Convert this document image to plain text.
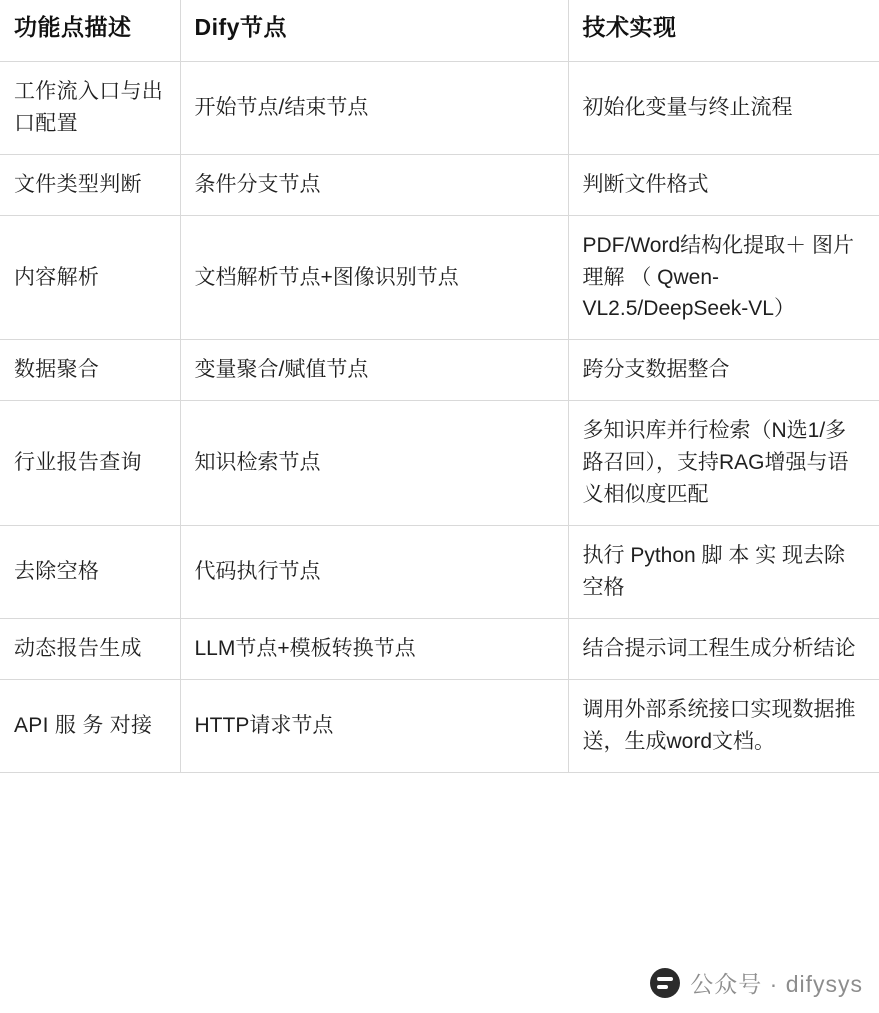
功能点描述	Dify节点	技术实现
工作流入口与出口配置	开始节点/结束节点	初始化变量与终止流程
文件类型判断	条件分支节点	判断文件格式
内容解析	文档解析节点+图像识别节点	PDF/Word结构化提取＋ 图片理解 （ Qwen-VL2.5/DeepSeek-VL）
数据聚合	变量聚合/赋值节点	跨分支数据整合
行业报告查询	知识检索节点	多知识库并行检索（N选1/多路召回），支持RAG增强与语义相似度匹配
去除空格	代码执行节点	执行 Python 脚 本 实 现去除空格
动态报告生成	LLM节点+模板转换节点	结合提示词工程生成分析结论
API 服 务 对接	HTTP请求节点	调用外部系统接口实现数据推送，生成word文档。
公众号 · difysys
